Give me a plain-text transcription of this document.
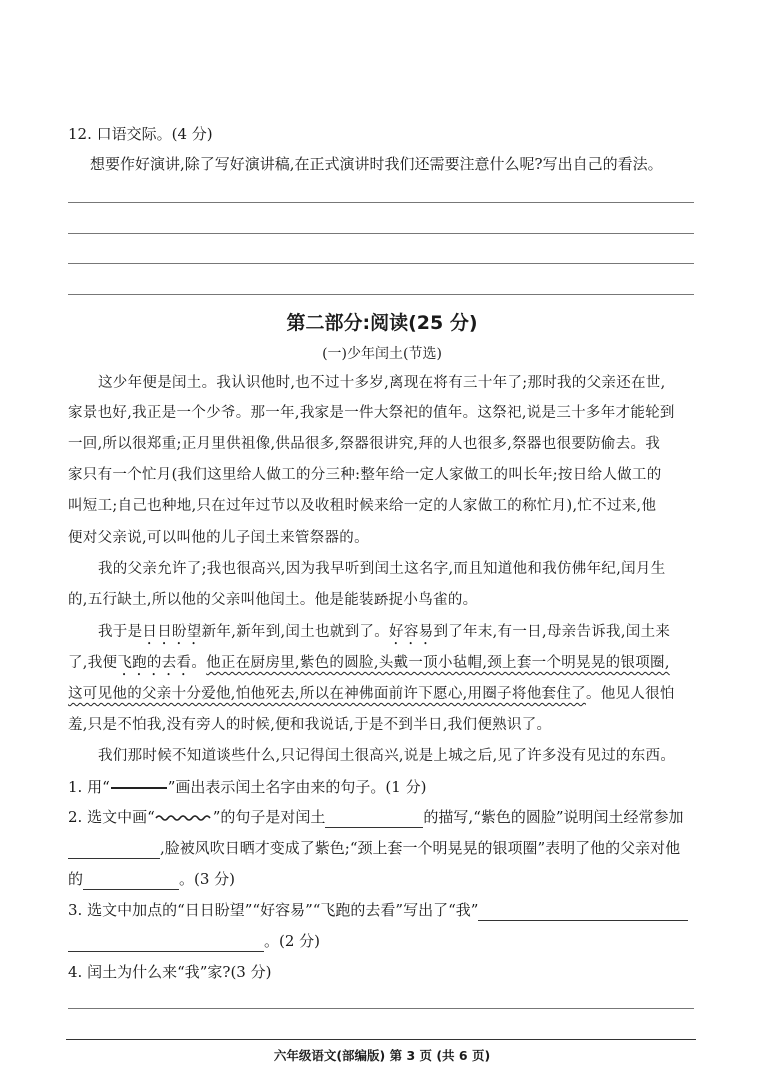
12. 口语交际。(4 分)
想要作好演讲,除了写好演讲稿,在正式演讲时我们还需要注意什么呢?写出自己的看法。
第二部分:阅读(25 分)
(一)少年闰土(节选)
这少年便是闰土。我认识他时,也不过十多岁,离现在将有三十年了;那时我的父亲还在世,
家景也好,我正是一个少爷。那一年,我家是一件大祭祀的值年。这祭祀,说是三十多年才能轮到
一回,所以很郑重;正月里供祖像,供品很多,祭器很讲究,拜的人也很多,祭器也很要防偷去。我
家只有一个忙月(我们这里给人做工的分三种:整年给一定人家做工的叫长年;按日给人做工的
叫短工;自己也种地,只在过年过节以及收租时候来给一定的人家做工的称忙月),忙不过来,他
便对父亲说,可以叫他的儿子闰土来管祭器的。
我的父亲允许了;我也很高兴,因为我早听到闰土这名字,而且知道他和我仿佛年纪,闰月生
的,五行缺土,所以他的父亲叫他闰土。他是能装𫏋捉小鸟雀的。
我于是日日盼望新年,新年到,闰土也就到了。好容易到了年末,有一日,母亲告诉我,闰土来
了,我便飞跑的去看。他正在厨房里,紫色的圆脸,头戴一顶小毡帽,颈上套一个明晃晃的银项圈,
这可见他的父亲十分爱他,怕他死去,所以在神佛面前许下愿心,用圈子将他套住了。他见人很怕
羞,只是不怕我,没有旁人的时候,便和我说话,于是不到半日,我们便熟识了。
我们那时候不知道谈些什么,只记得闰土很高兴,说是上城之后,见了许多没有见过的东西。
1. 用“	”画出表示闰土名字由来的句子。(1 分)
2. 选文中画“	”的句子是对闰土	的描写,“紫色的圆脸”说明闰土经常参加
,脸被风吹日晒才变成了紫色;“颈上套一个明晃晃的银项圈”表明了他的父亲对他
的	。(3 分)
3. 选文中加点的“日日盼望”“好容易”“飞跑的去看”写出了“我”
。(2 分)
4. 闰土为什么来“我”家?(3 分)
六年级语文(部编版) 第 3 页 (共 6 页)
